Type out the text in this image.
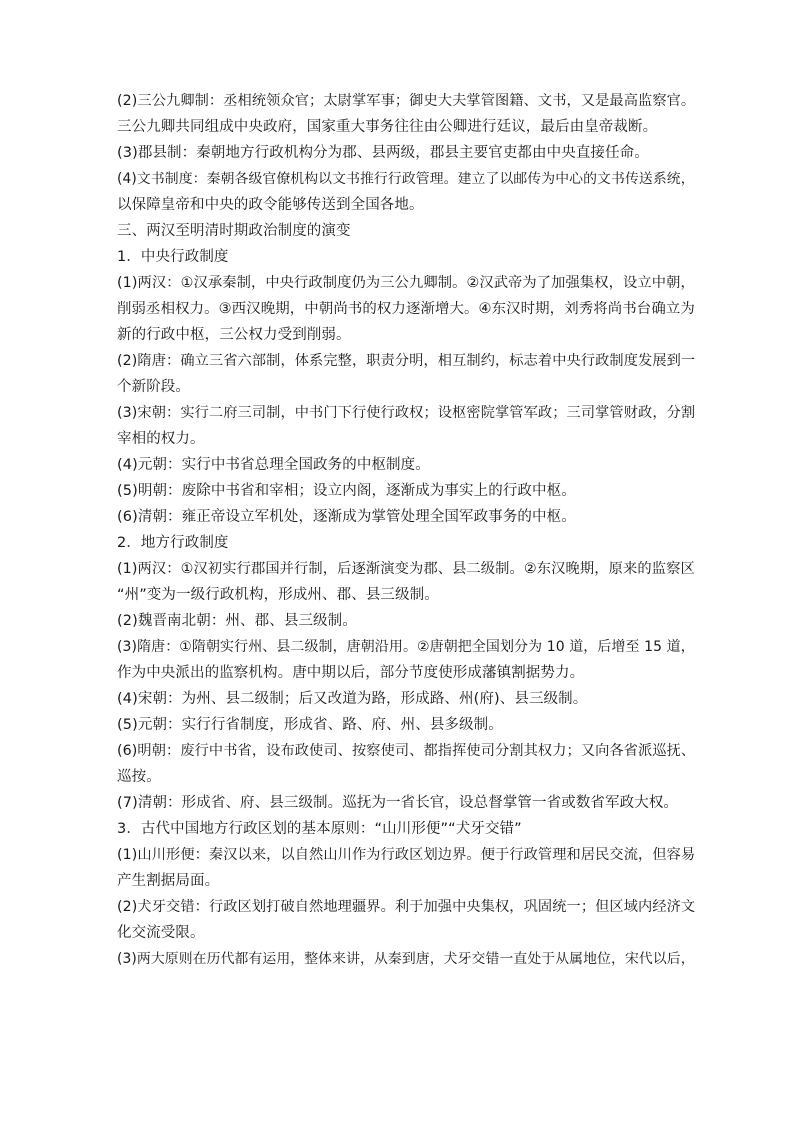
(2)三公九卿制：丞相统领众官；太尉掌军事；御史大夫掌管图籍、文书，又是最高监察官。
三公九卿共同组成中央政府，国家重大事务往往由公卿进行廷议，最后由皇帝裁断。
(3)郡县制：秦朝地方行政机构分为郡、县两级，郡县主要官吏都由中央直接任命。
(4)文书制度：秦朝各级官僚机构以文书推行行政管理。建立了以邮传为中心的文书传送系统，
以保障皇帝和中央的政令能够传送到全国各地。
三、两汉至明清时期政治制度的演变
1．中央行政制度
(1)两汉：①汉承秦制，中央行政制度仍为三公九卿制。②汉武帝为了加强集权，设立中朝，
削弱丞相权力。③西汉晚期，中朝尚书的权力逐渐增大。④东汉时期，刘秀将尚书台确立为
新的行政中枢，三公权力受到削弱。
(2)隋唐：确立三省六部制，体系完整，职责分明，相互制约，标志着中央行政制度发展到一
个新阶段。
(3)宋朝：实行二府三司制，中书门下行使行政权；设枢密院掌管军政；三司掌管财政，分割
宰相的权力。
(4)元朝：实行中书省总理全国政务的中枢制度。
(5)明朝：废除中书省和宰相；设立内阁，逐渐成为事实上的行政中枢。
(6)清朝：雍正帝设立军机处，逐渐成为掌管处理全国军政事务的中枢。
2．地方行政制度
(1)两汉：①汉初实行郡国并行制，后逐渐演变为郡、县二级制。②东汉晚期，原来的监察区
“州”变为一级行政机构，形成州、郡、县三级制。
(2)魏晋南北朝：州、郡、县三级制。
(3)隋唐：①隋朝实行州、县二级制，唐朝沿用。②唐朝把全国划分为 10 道，后增至 15 道，
作为中央派出的监察机构。唐中期以后，部分节度使形成藩镇割据势力。
(4)宋朝：为州、县二级制；后又改道为路，形成路、州(府)、县三级制。
(5)元朝：实行行省制度，形成省、路、府、州、县多级制。
(6)明朝：废行中书省，设布政使司、按察使司、都指挥使司分割其权力；又向各省派巡抚、
巡按。
(7)清朝：形成省、府、县三级制。巡抚为一省长官，设总督掌管一省或数省军政大权。
3．古代中国地方行政区划的基本原则：“山川形便”“犬牙交错”
(1)山川形便：秦汉以来，以自然山川作为行政区划边界。便于行政管理和居民交流，但容易
产生割据局面。
(2)犬牙交错：行政区划打破自然地理疆界。利于加强中央集权，巩固统一；但区域内经济文
化交流受限。
(3)两大原则在历代都有运用，整体来讲，从秦到唐，犬牙交错一直处于从属地位，宋代以后，
